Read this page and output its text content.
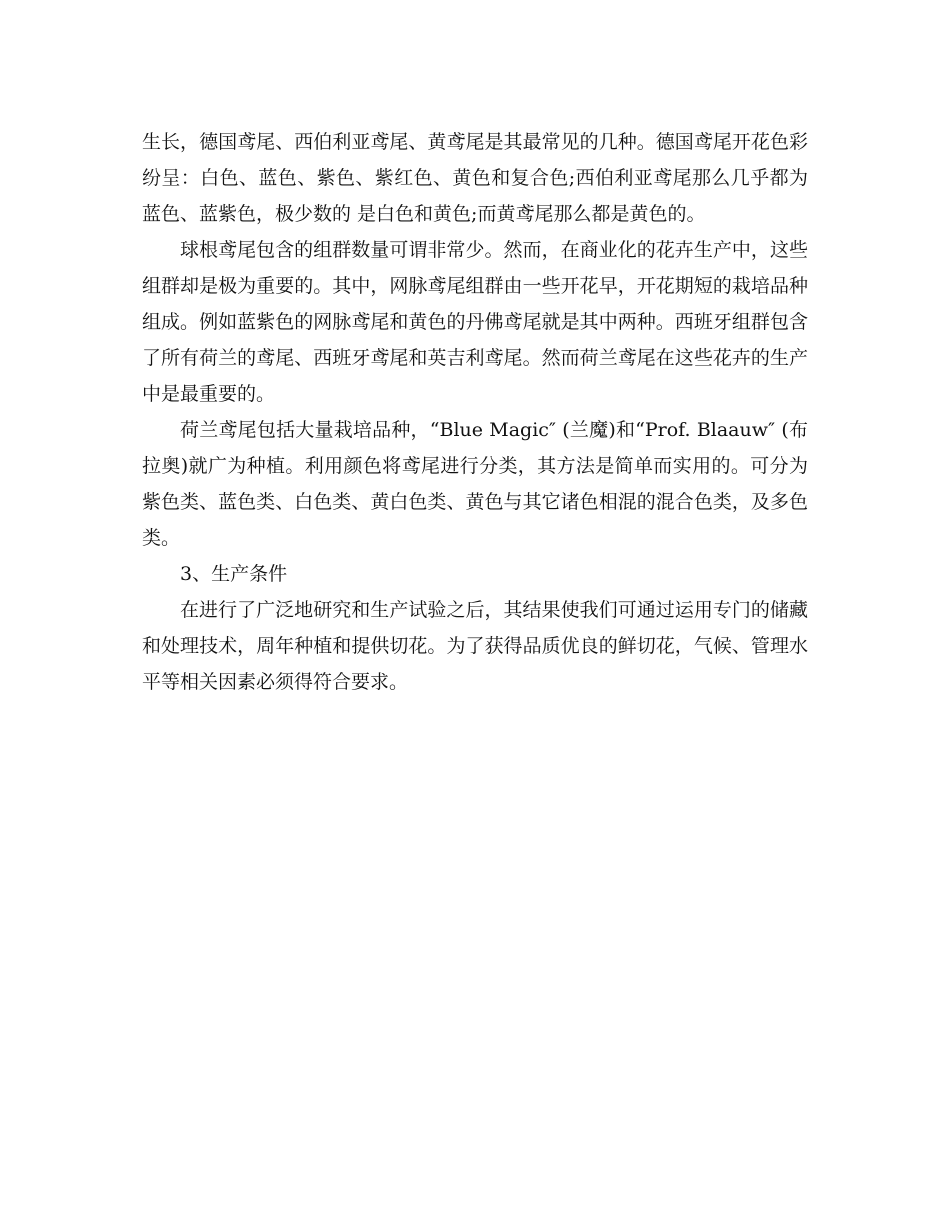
生长，德国鸢尾、西伯利亚鸢尾、黄鸢尾是其最常见的几种。德国鸢尾开花色彩纷呈：白色、蓝色、紫色、紫红色、黄色和复合色;西伯利亚鸢尾那么几乎都为蓝色、蓝紫色，极少数的 是白色和黄色;而黄鸢尾那么都是黄色的。

球根鸢尾包含的组群数量可谓非常少。然而，在商业化的花卉生产中，这些组群却是极为重要的。其中，网脉鸢尾组群由一些开花早，开花期短的栽培品种组成。例如蓝紫色的网脉鸢尾和黄色的丹佛鸢尾就是其中两种。西班牙组群包含了所有荷兰的鸢尾、西班牙鸢尾和英吉利鸢尾。然而荷兰鸢尾在这些花卉的生产中是最重要的。

荷兰鸢尾包括大量栽培品种，“Blue Magic″ (兰魔)和“Prof. Blaauw″ (布拉奥)就广为种植。利用颜色将鸢尾进行分类，其方法是简单而实用的。可分为紫色类、蓝色类、白色类、黄白色类、黄色与其它诸色相混的混合色类，及多色类。

3、生产条件

在进行了广泛地研究和生产试验之后，其结果使我们可通过运用专门的储藏和处理技术，周年种植和提供切花。为了获得品质优良的鲜切花，气候、管理水平等相关因素必须得符合要求。
